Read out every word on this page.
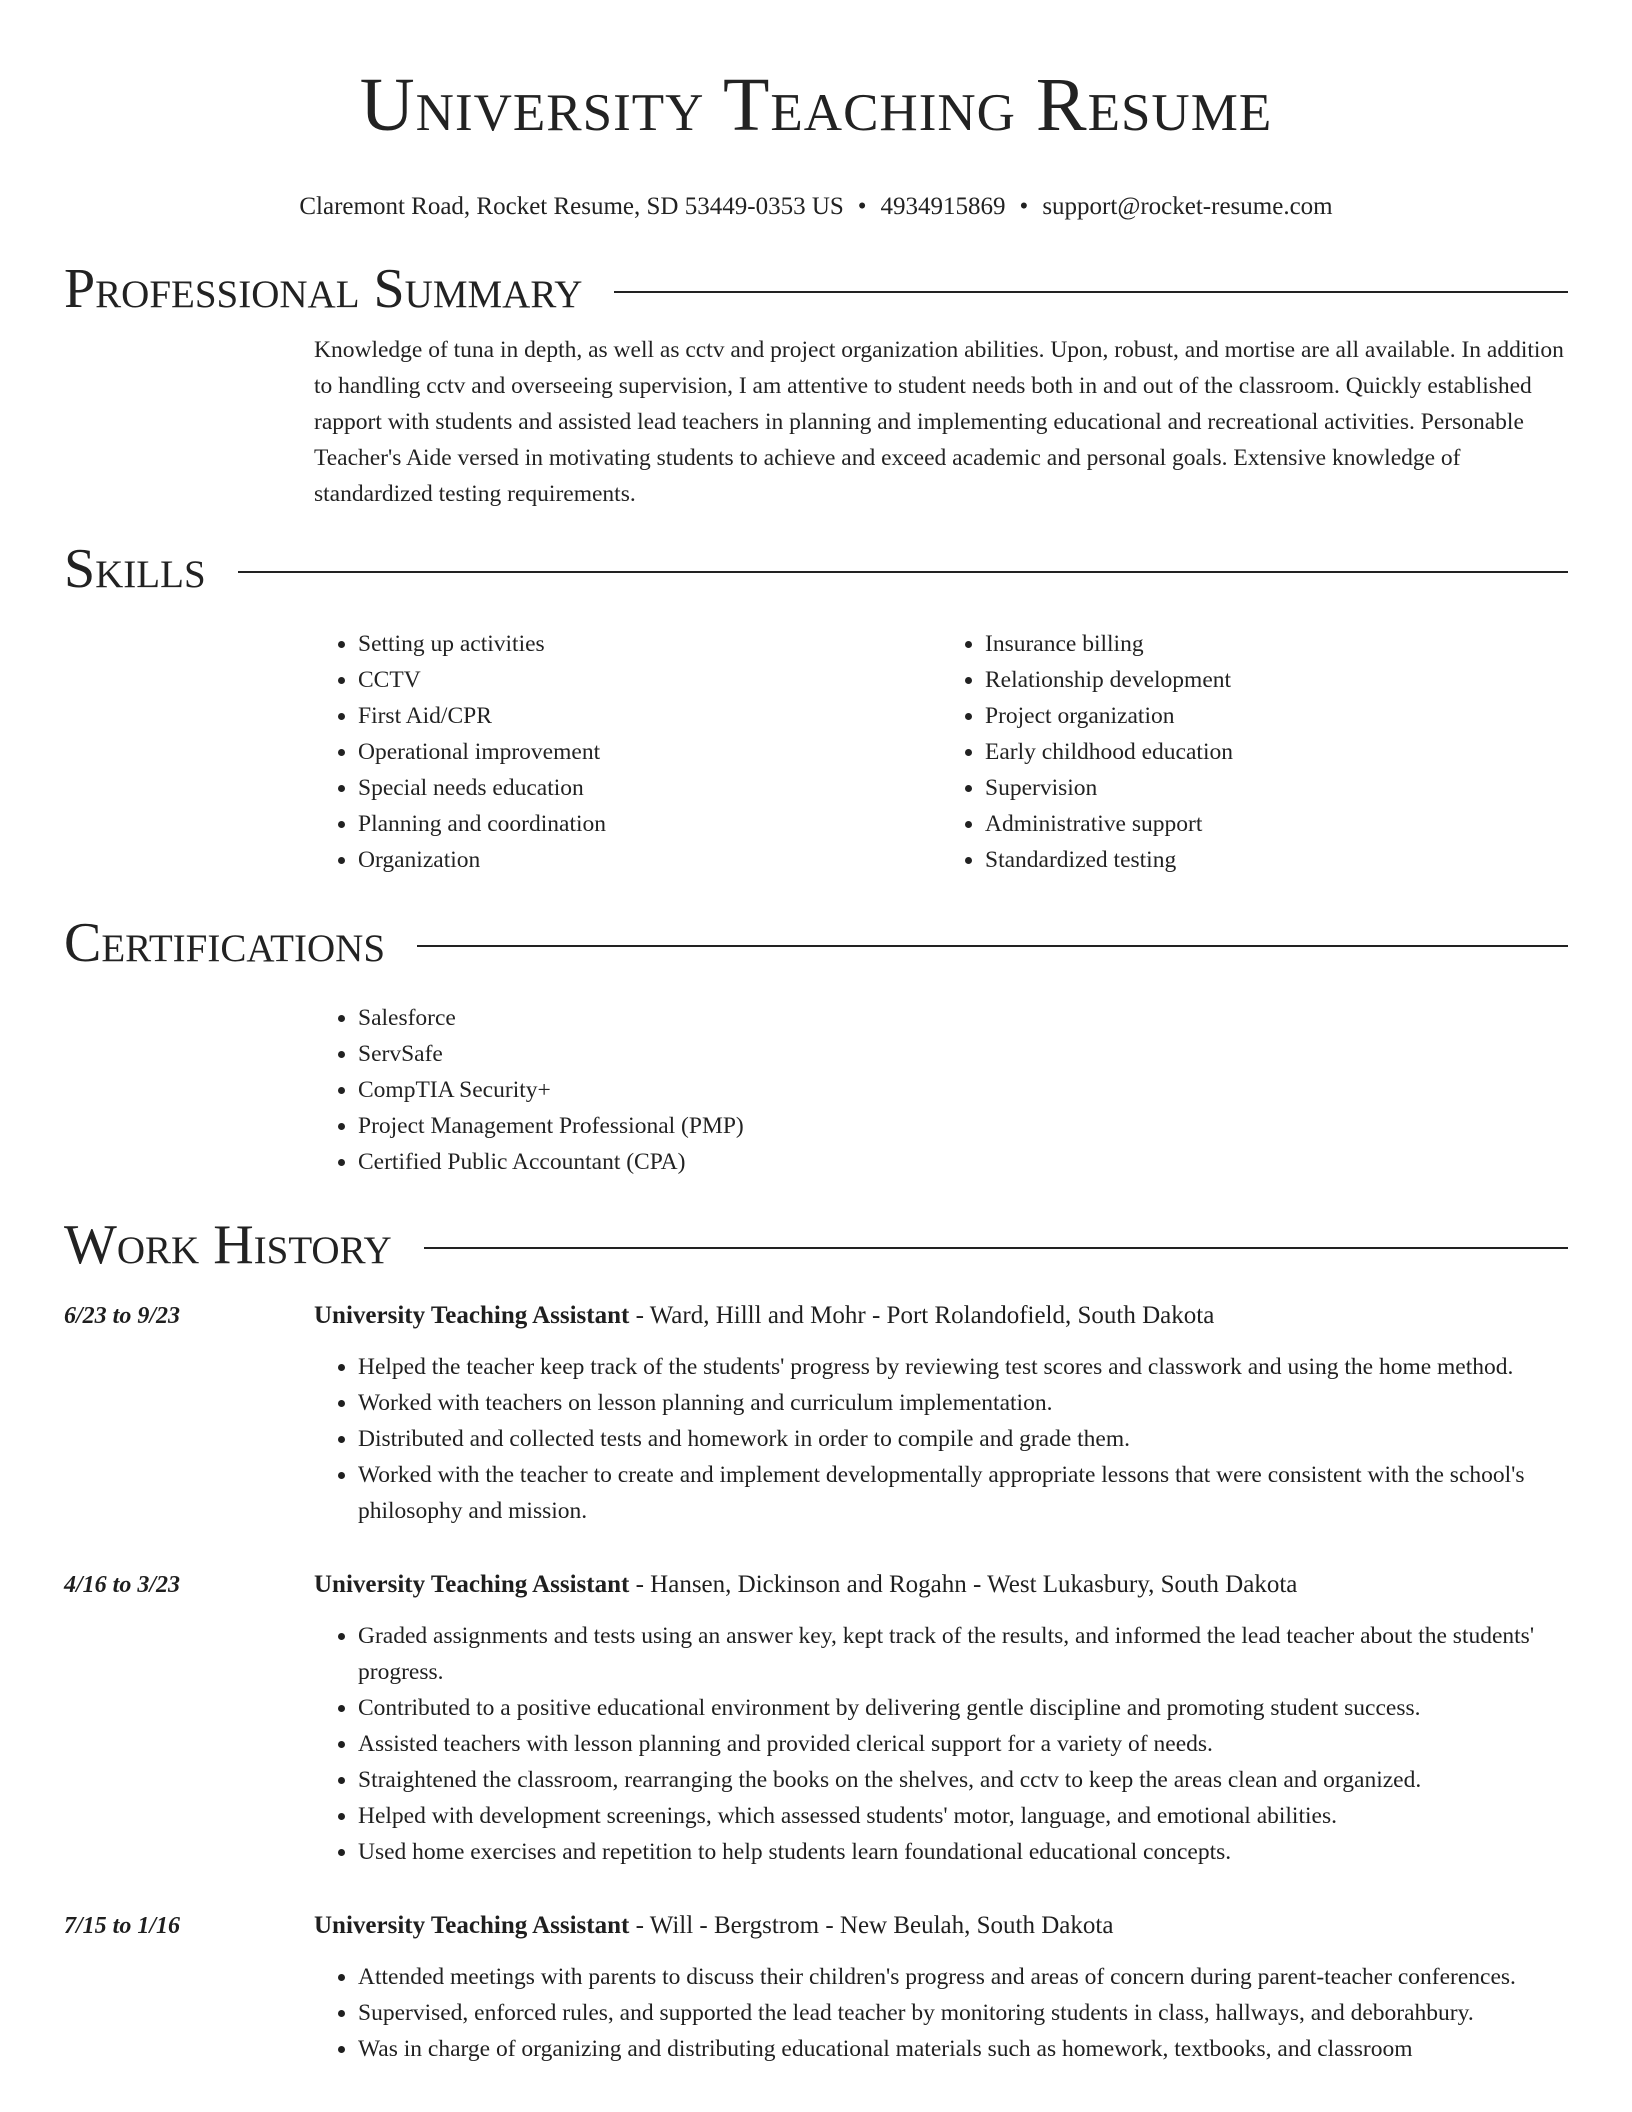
University Teaching Resume
Claremont Road, Rocket Resume, SD 53449-0353 US • 4934915869 • support@rocket-resume.com
Professional Summary
Knowledge of tuna in depth, as well as cctv and project organization abilities. Upon, robust, and mortise are all available. In addition to handling cctv and overseeing supervision, I am attentive to student needs both in and out of the classroom. Quickly established rapport with students and assisted lead teachers in planning and implementing educational and recreational activities. Personable Teacher's Aide versed in motivating students to achieve and exceed academic and personal goals. Extensive knowledge of standardized testing requirements.
Skills
• Setting up activities
• CCTV
• First Aid/CPR
• Operational improvement
• Special needs education
• Planning and coordination
• Organization
• Insurance billing
• Relationship development
• Project organization
• Early childhood education
• Supervision
• Administrative support
• Standardized testing
Certifications
• Salesforce
• ServSafe
• CompTIA Security+
• Project Management Professional (PMP)
• Certified Public Accountant (CPA)
Work History
6/23 to 9/23	University Teaching Assistant - Ward, Hilll and Mohr - Port Rolandofield, South Dakota
• Helped the teacher keep track of the students' progress by reviewing test scores and classwork and using the home method.
• Worked with teachers on lesson planning and curriculum implementation.
• Distributed and collected tests and homework in order to compile and grade them.
• Worked with the teacher to create and implement developmentally appropriate lessons that were consistent with the school's philosophy and mission.
4/16 to 3/23	University Teaching Assistant - Hansen, Dickinson and Rogahn - West Lukasbury, South Dakota
• Graded assignments and tests using an answer key, kept track of the results, and informed the lead teacher about the students' progress.
• Contributed to a positive educational environment by delivering gentle discipline and promoting student success.
• Assisted teachers with lesson planning and provided clerical support for a variety of needs.
• Straightened the classroom, rearranging the books on the shelves, and cctv to keep the areas clean and organized.
• Helped with development screenings, which assessed students' motor, language, and emotional abilities.
• Used home exercises and repetition to help students learn foundational educational concepts.
7/15 to 1/16	University Teaching Assistant - Will - Bergstrom - New Beulah, South Dakota
• Attended meetings with parents to discuss their children's progress and areas of concern during parent-teacher conferences.
• Supervised, enforced rules, and supported the lead teacher by monitoring students in class, hallways, and deborahbury.
• Was in charge of organizing and distributing educational materials such as homework, textbooks, and classroom
